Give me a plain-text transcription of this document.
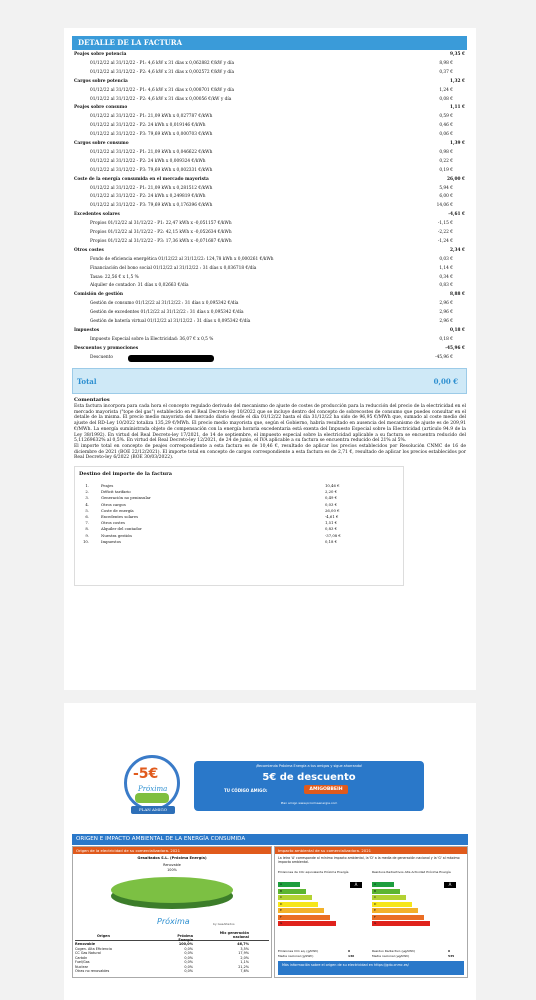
DETALLE DE LA FACTURA
Peajes sobre potencia	9,35 €
01/12/22 al 31/12/22 - P1: 4,6 kW x 31 días x 0,062882 €/kW y día	8,98 €
01/12/22 al 31/12/22 - P2: 4,6 kW x 31 días x 0,002572 €/kW y día	0,37 €
Cargos sobre potencia	1,32 €
01/12/22 al 31/12/22 - P1: 4,6 kW x 31 días x 0,008701 €/kW y día	1,24 €
01/12/22 al 31/12/22 - P2: 4,6 kW x 31 días x 0,00056 €/kW y día	0,08 €
Peajes sobre consumo	1,11 €
01/12/22 al 31/12/22 - P1: 21,09 kWh x 0,027787 €/kWh	0,59 €
01/12/22 al 31/12/22 - P2: 24 kWh x 0,019146 €/kWh	0,46 €
01/12/22 al 31/12/22 - P3: 79,69 kWh x 0,000703 €/kWh	0,06 €
Cargos sobre consumo	1,39 €
01/12/22 al 31/12/22 - P1: 21,09 kWh x 0,046622 €/kWh	0,98 €
01/12/22 al 31/12/22 - P2: 24 kWh x 0,009324 €/kWh	0,22 €
01/12/22 al 31/12/22 - P3: 79,69 kWh x 0,002331 €/kWh	0,19 €
Coste de la energía consumida en el mercado mayorista	26,00 €
01/12/22 al 31/12/22 - P1: 21,09 kWh x 0,281512 €/kWh	5,94 €
01/12/22 al 31/12/22 - P2: 24 kWh x 0,249819 €/kWh	6,00 €
01/12/22 al 31/12/22 - P3: 79,69 kWh x 0,176396 €/kWh	14,06 €
Excedentes solares	-4,61 €
Propios 01/12/22 al 31/12/22 - P1: 22,47 kWh x -0,051157 €/kWh	-1,15 €
Propios 01/12/22 al 31/12/22 - P2: 42,15 kWh x -0,052634 €/kWh	-2,22 €
Propios 01/12/22 al 31/12/22 - P3: 17,36 kWh x -0,071687 €/kWh	-1,24 €
Otros costes	2,34 €
Fondo de eficiencia energética 01/12/22 al 31/12/22: 124,78 kWh x 0,000261 €/kWh	0,03 €
Financiación del bono social 01/12/22 al 31/12/22 : 31 días x 0,036718 €/día	1,14 €
Tasas: 22,56 € x 1,5 %	0,34 €
Alquiler de contador: 31 días x 0,02663 €/día	0,83 €
Comisión de gestión	8,88 €
Gestión de consumo 01/12/22 al 31/12/22 : 31 días x 0,095342 €/día	2,96 €
Gestión de excedentes 01/12/22 al 31/12/22 : 31 días x 0,095342 €/día	2,96 €
Gestión de batería virtual 01/12/22 al 31/12/22 : 31 días x 0,095342 €/día	2,96 €
Impuestos	0,18 €
Impuesto Especial sobre la Electricidad: 36,07 € x 0,5 %	0,18 €
Descuentos y promociones	-45,96 €
Descuento	-45,96 €
Total	0,00 €
Comentarios

Esta factura incorpora para cada hora el concepto regulado derivado del mecanismo de ajuste de costes de producción para la reducción del precio de la electricidad en el mercado mayorista ("tope del gas") establecido en el Real Decreto-ley 10/2022 que se incluye dentro del concepto de sobrecostes de consumo que puedes consultar en el detalle de la misma. El precio medio mayorista del mercado diario desde el día 01/12/22 hasta el día 31/12/22 ha sido de 96,95 €/MWh que, sumado al coste medio del ajuste del RD-Ley 10/2022 totaliza 135,29 €/MWh. El precio medio mayorista que, según el Gobierno, habría resultado en ausencia del mecanismo de ajuste es de 209,91 €/MWh. La energía suministrada objeto de compensación con la energía horaria excedentaria está exenta del Impuesto Especial sobre la Electricidad (artículo 94.9 de la Ley 38/1992). En virtud del Real Decreto-ley 17/2021, de 14 de septiembre, el impuesto especial sobre la electricidad aplicable a su factura se encuentra reducido del 5,11269632% al 0,5%. En virtud del Real Decreto-ley 12/2021, de 24 de junio, el IVA aplicable a su factura se encuentra reducido del 21% al 5%.

El importe total en concepto de peajes correspondiente a esta factura es de 10,46 €, resultado de aplicar los precios establecidos por Resolución CNMC de 16 de diciembre de 2021 (BOE 22/12/2021). El importe total en concepto de cargos correspondiente a esta factura es de 2,71 €, resultado de aplicar los precios establecidos por Real Decreto-ley 6/2022 (BOE 30/03/2022).

Destino del importe de la factura
1.	Peajes	10,46 €
2.	Déficit tarifario	2,20 €
3.	Generación no peninsular	0,49 €
4.	Otros cargos	0,03 €
5.	Coste de energía	26,00 €
6.	Excedentes solares	-4,61 €
7.	Otros costes	1,51 €
8.	Alquiler del contador	0,83 €
9.	Nuestra gestión	-37,08 €
10.	Impuestos	0,18 €
-5€
Próxima
PLAN AMIGO
¡Recomienda Próxima Energía a tus amigos y sigue ahorrando!
5€ de descuento
TU CÓDIGO AMIGO:	AMIGOBBEIH
Plan amigo www.proximaenergia.com
ORIGEN E IMPACTO AMBIENTAL DE LA ENERGÍA CONSUMIDA
Origen de la electricidad de su comercializadora. 2021
Gesaltados S.L. (Próxima Energía)
Renovable
100%
Próxima	by GesAltados
Origen	Próxima Energía
Mix generación nacional
Renovable	100,0%	46,7%
Cogen. Alta Eficiencia	0,0%	3,5%
CC Gas Natural	0,0%	17,9%
Carbón	0,0%	2,0%
Fuel/Gas	0,0%	1,1%
Nuclear	0,0%	21,2%
Otras no renovables	0,0%	7,6%
Impacto ambiental de su comercializadora. 2021
La letra 'A' corresponde al mínimo impacto ambiental, la 'D' a la media de generación nacional y la 'G' al máximo impacto ambiental.
Emisiones de CO₂ equivalente Próxima Energía
A
B
C
D
E
F
G
A
Residuos Radiactivos Alta Actividad Próxima Energía
A
B
C
D
E
F
G
A
Emisiones CO₂ eq. (g/kWh)	0
Media nacional (g/kWh)	136
Residuo Radiactivo (µg/kWh)	0
Media nacional (µg/kWh)	535
Más información sobre el origen de su electricidad en https://gdo.cnmc.es/
